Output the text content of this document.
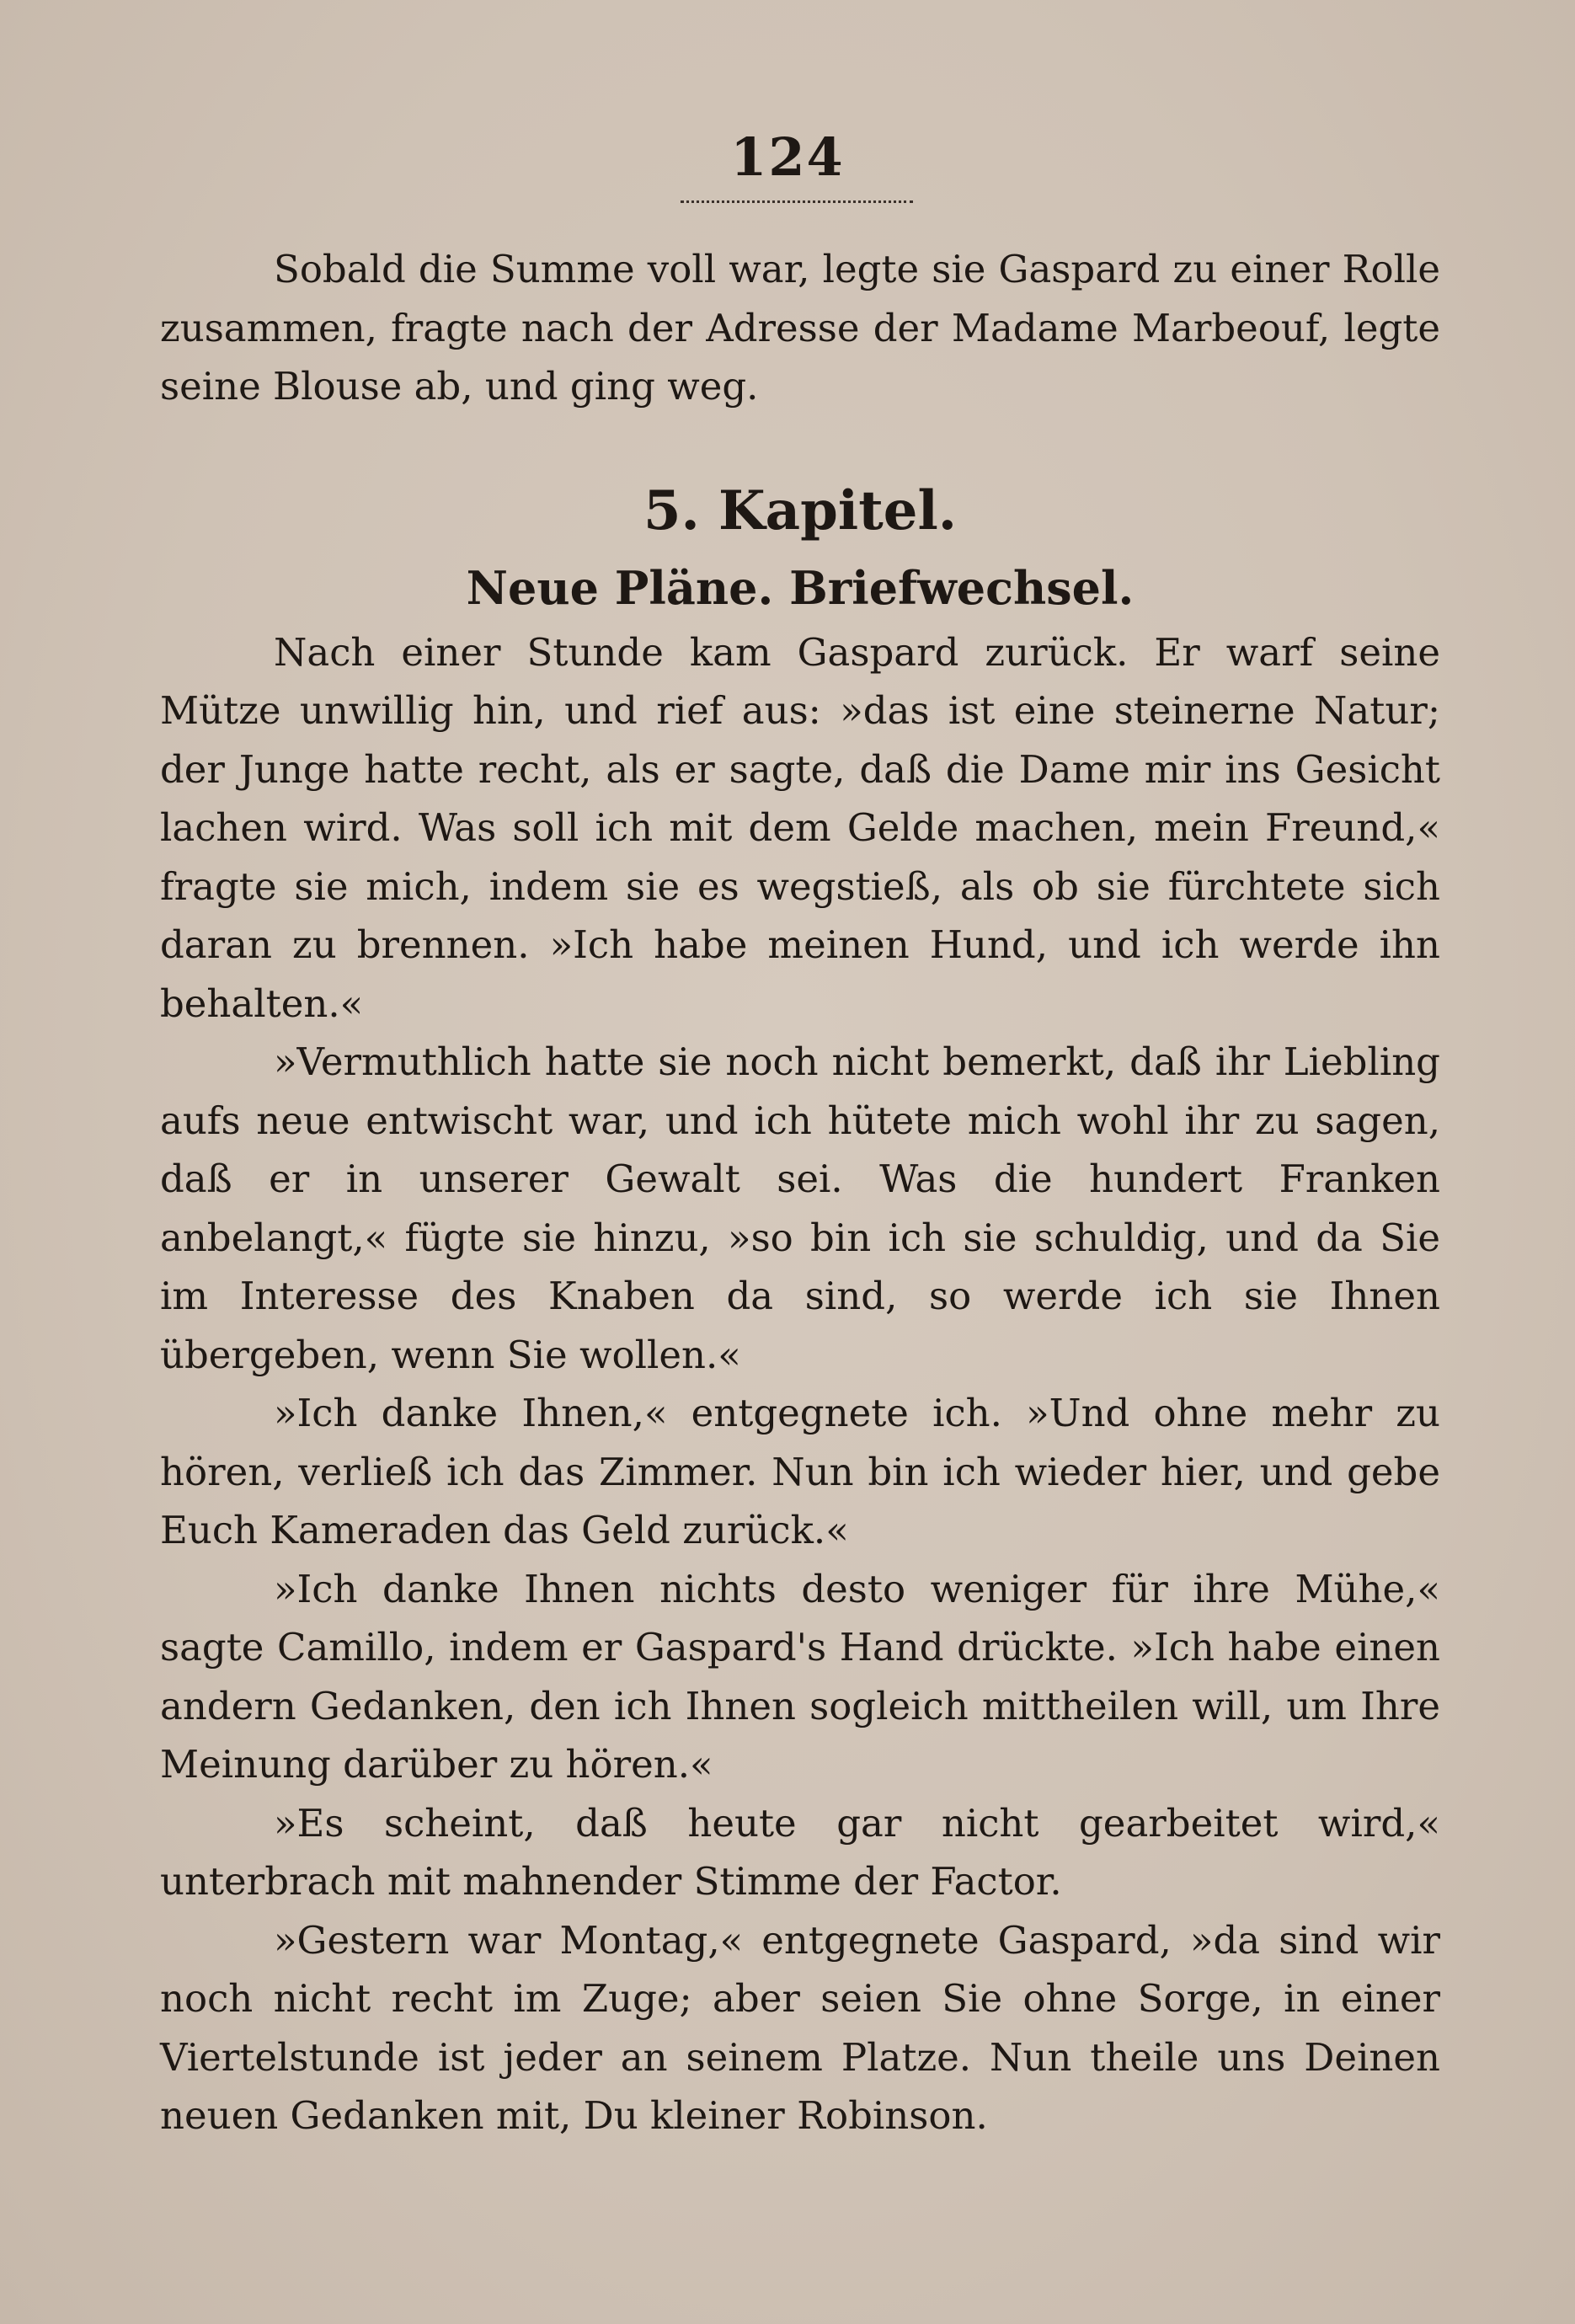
124

Sobald die Summe voll war, legte sie Gaspard zu einer Rolle zusammen, fragte nach der Adresse der Madame Marbeouf, legte seine Blouse ab, und ging weg.

5. Kapitel.
Neue Pläne. Briefwechsel.

Nach einer Stunde kam Gaspard zurück. Er warf seine Mütze unwillig hin, und rief aus: »das ist eine steinerne Natur; der Junge hatte recht, als er sagte, daß die Dame mir ins Gesicht lachen wird. Was soll ich mit dem Gelde machen, mein Freund,« fragte sie mich, indem sie es wegstieß, als ob sie fürchtete sich daran zu brennen. »Ich habe meinen Hund, und ich werde ihn behalten.«

»Vermuthlich hatte sie noch nicht bemerkt, daß ihr Liebling aufs neue entwischt war, und ich hütete mich wohl ihr zu sagen, daß er in unserer Gewalt sei. Was die hundert Franken anbelangt,« fügte sie hinzu, »so bin ich sie schuldig, und da Sie im Interesse des Knaben da sind, so werde ich sie Ihnen übergeben, wenn Sie wollen.«

»Ich danke Ihnen,« entgegnete ich. »Und ohne mehr zu hören, verließ ich das Zimmer. Nun bin ich wieder hier, und gebe Euch Kameraden das Geld zurück.«

»Ich danke Ihnen nichts desto weniger für ihre Mühe,« sagte Camillo, indem er Gaspard's Hand drückte. »Ich habe einen andern Gedanken, den ich Ihnen sogleich mittheilen will, um Ihre Meinung darüber zu hören.«

»Es scheint, daß heute gar nicht gearbeitet wird,« unterbrach mit mahnender Stimme der Factor.

»Gestern war Montag,« entgegnete Gaspard, »da sind wir noch nicht recht im Zuge; aber seien Sie ohne Sorge, in einer Viertelstunde ist jeder an seinem Platze. Nun theile uns Deinen neuen Gedanken mit, Du kleiner Robinson.
